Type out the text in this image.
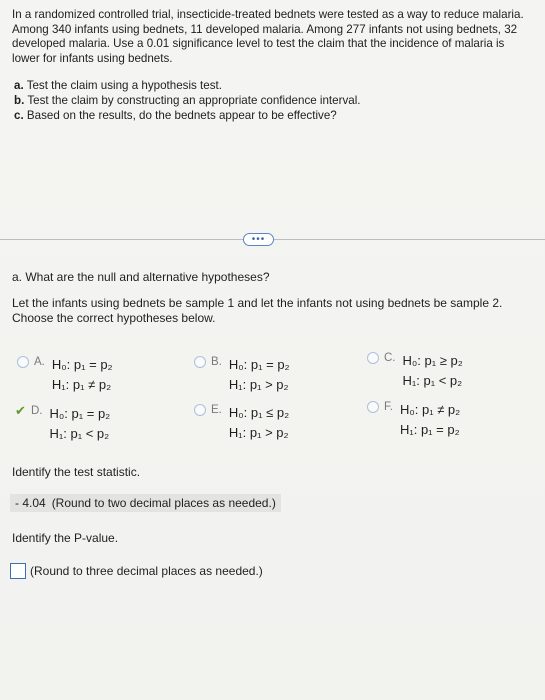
In a randomized controlled trial, insecticide-treated bednets were tested as a way to reduce malaria. Among 340 infants using bednets, 11 developed malaria. Among 277 infants not using bednets, 32 developed malaria. Use a 0.01 significance level to test the claim that the incidence of malaria is lower for infants using bednets.

a. Test the claim using a hypothesis test.
b. Test the claim by constructing an appropriate confidence interval.
c. Based on the results, do the bednets appear to be effective?
•••
a. What are the null and alternative hypotheses?
Let the infants using bednets be sample 1 and let the infants not using bednets be sample 2. Choose the correct hypotheses below.
A. H₀: p₁ = p₂
H₁: p₁ ≠ p₂
B. H₀: p₁ = p₂
H₁: p₁ > p₂
C. H₀: p₁ ≥ p₂
H₁: p₁ < p₂
✔ D. H₀: p₁ = p₂
H₁: p₁ < p₂
E. H₀: p₁ ≤ p₂
H₁: p₁ > p₂
F. H₀: p₁ ≠ p₂
H₁: p₁ = p₂
Identify the test statistic.
- 4.04 (Round to two decimal places as needed.)
Identify the P-value.
(Round to three decimal places as needed.)
